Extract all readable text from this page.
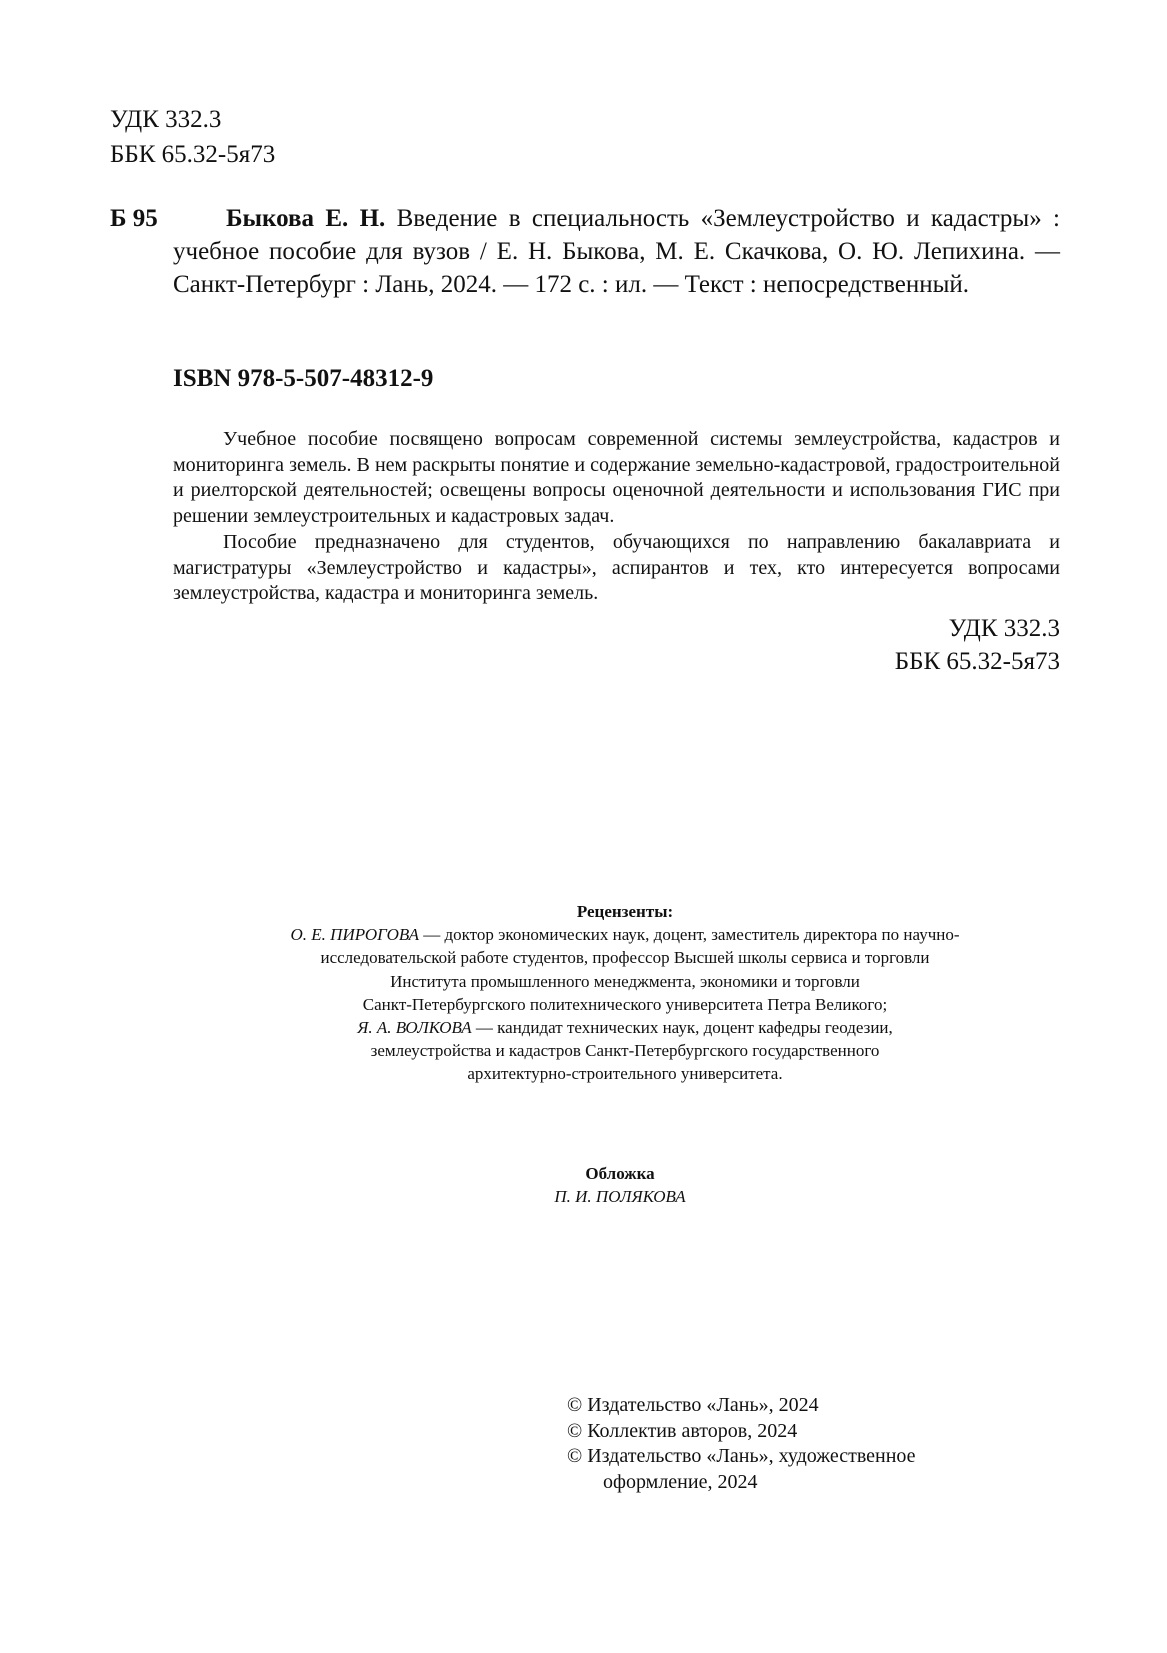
УДК 332.3
ББК 65.32-5я73
Б 95	Быкова Е. Н. Введение в специальность «Землеустройство и кадастры» : учебное пособие для вузов / Е. Н. Быкова, М. Е. Скачкова, О. Ю. Лепихина. — Санкт-Петербург : Лань, 2024. — 172 с. : ил. — Текст : непосредственный.
ISBN 978-5-507-48312-9

Учебное пособие посвящено вопросам современной системы землеустройства, кадастров и мониторинга земель. В нем раскрыты понятие и содержание земельно-кадастровой, градостроительной и риелторской деятельностей; освещены вопросы оценочной деятельности и использования ГИС при решении землеустроительных и кадастровых задач.

Пособие предназначено для студентов, обучающихся по направлению бакалавриата и магистратуры «Землеустройство и кадастры», аспирантов и тех, кто интересуется вопросами землеустройства, кадастра и мониторинга земель.

УДК 332.3
ББК 65.32-5я73
Рецензенты:
О. Е. ПИРОГОВА — доктор экономических наук, доцент, заместитель директора по научно-
исследовательской работе студентов, профессор Высшей школы сервиса и торговли
Института промышленного менеджмента, экономики и торговли
Санкт-Петербургского политехнического университета Петра Великого;
Я. А. ВОЛКОВА — кандидат технических наук, доцент кафедры геодезии,
землеустройства и кадастров Санкт-Петербургского государственного
архитектурно-строительного университета.
Обложка
П. И. ПОЛЯКОВА
© Издательство «Лань», 2024
© Коллектив авторов, 2024
© Издательство «Лань», художественное
оформление, 2024
